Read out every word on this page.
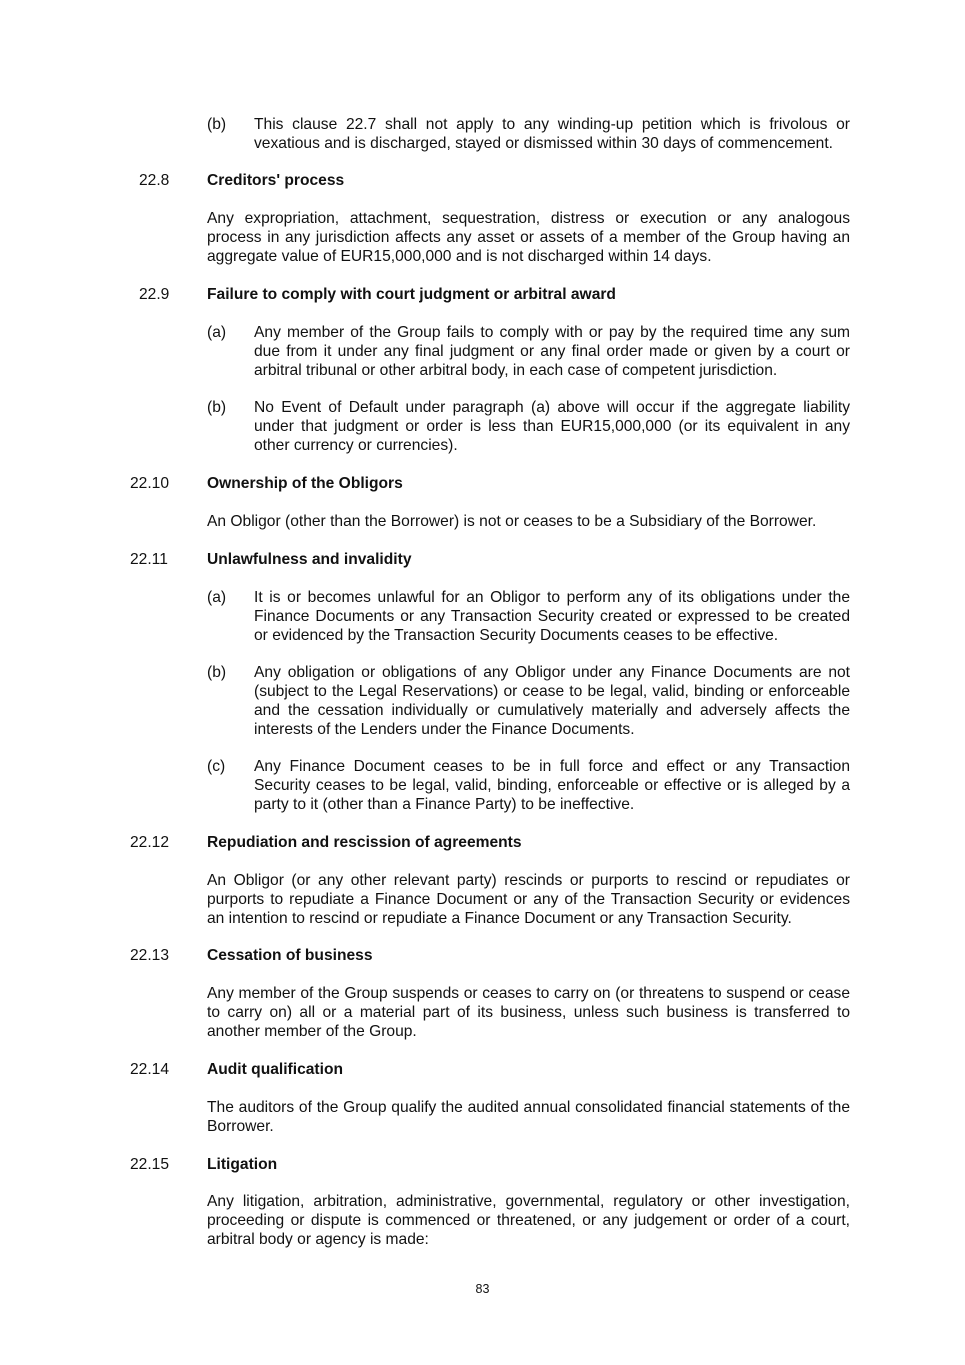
(b) This clause 22.7 shall not apply to any winding-up petition which is frivolous or vexatious and is discharged, stayed or dismissed within 30 days of commencement.
22.8 Creditors' process
Any expropriation, attachment, sequestration, distress or execution or any analogous process in any jurisdiction affects any asset or assets of a member of the Group having an aggregate value of EUR15,000,000 and is not discharged within 14 days.
22.9 Failure to comply with court judgment or arbitral award
(a) Any member of the Group fails to comply with or pay by the required time any sum due from it under any final judgment or any final order made or given by a court or arbitral tribunal or other arbitral body, in each case of competent jurisdiction.
(b) No Event of Default under paragraph (a) above will occur if the aggregate liability under that judgment or order is less than EUR15,000,000 (or its equivalent in any other currency or currencies).
22.10 Ownership of the Obligors
An Obligor (other than the Borrower) is not or ceases to be a Subsidiary of the Borrower.
22.11	Unlawfulness and invalidity
(a) It is or becomes unlawful for an Obligor to perform any of its obligations under the Finance Documents or any Transaction Security created or expressed to be created or evidenced by the Transaction Security Documents ceases to be effective.
(b) Any obligation or obligations of any Obligor under any Finance Documents are not (subject to the Legal Reservations) or cease to be legal, valid, binding or enforceable and the cessation individually or cumulatively materially and adversely affects the interests of the Lenders under the Finance Documents.
(c) Any Finance Document ceases to be in full force and effect or any Transaction Security ceases to be legal, valid, binding, enforceable or effective or is alleged by a party to it (other than a Finance Party) to be ineffective.
22.12 Repudiation and rescission of agreements
An Obligor (or any other relevant party) rescinds or purports to rescind or repudiates or purports to repudiate a Finance Document or any of the Transaction Security or evidences an intention to rescind or repudiate a Finance Document or any Transaction Security.
22.13 Cessation of business
Any member of the Group suspends or ceases to carry on (or threatens to suspend or cease to carry on) all or a material part of its business, unless such business is transferred to another member of the Group.
22.14 Audit qualification
The auditors of the Group qualify the audited annual consolidated financial statements of the Borrower.
22.15 Litigation
Any litigation, arbitration, administrative, governmental, regulatory or other investigation, proceeding or dispute is commenced or threatened, or any judgement or order of a court, arbitral body or agency is made:
83
